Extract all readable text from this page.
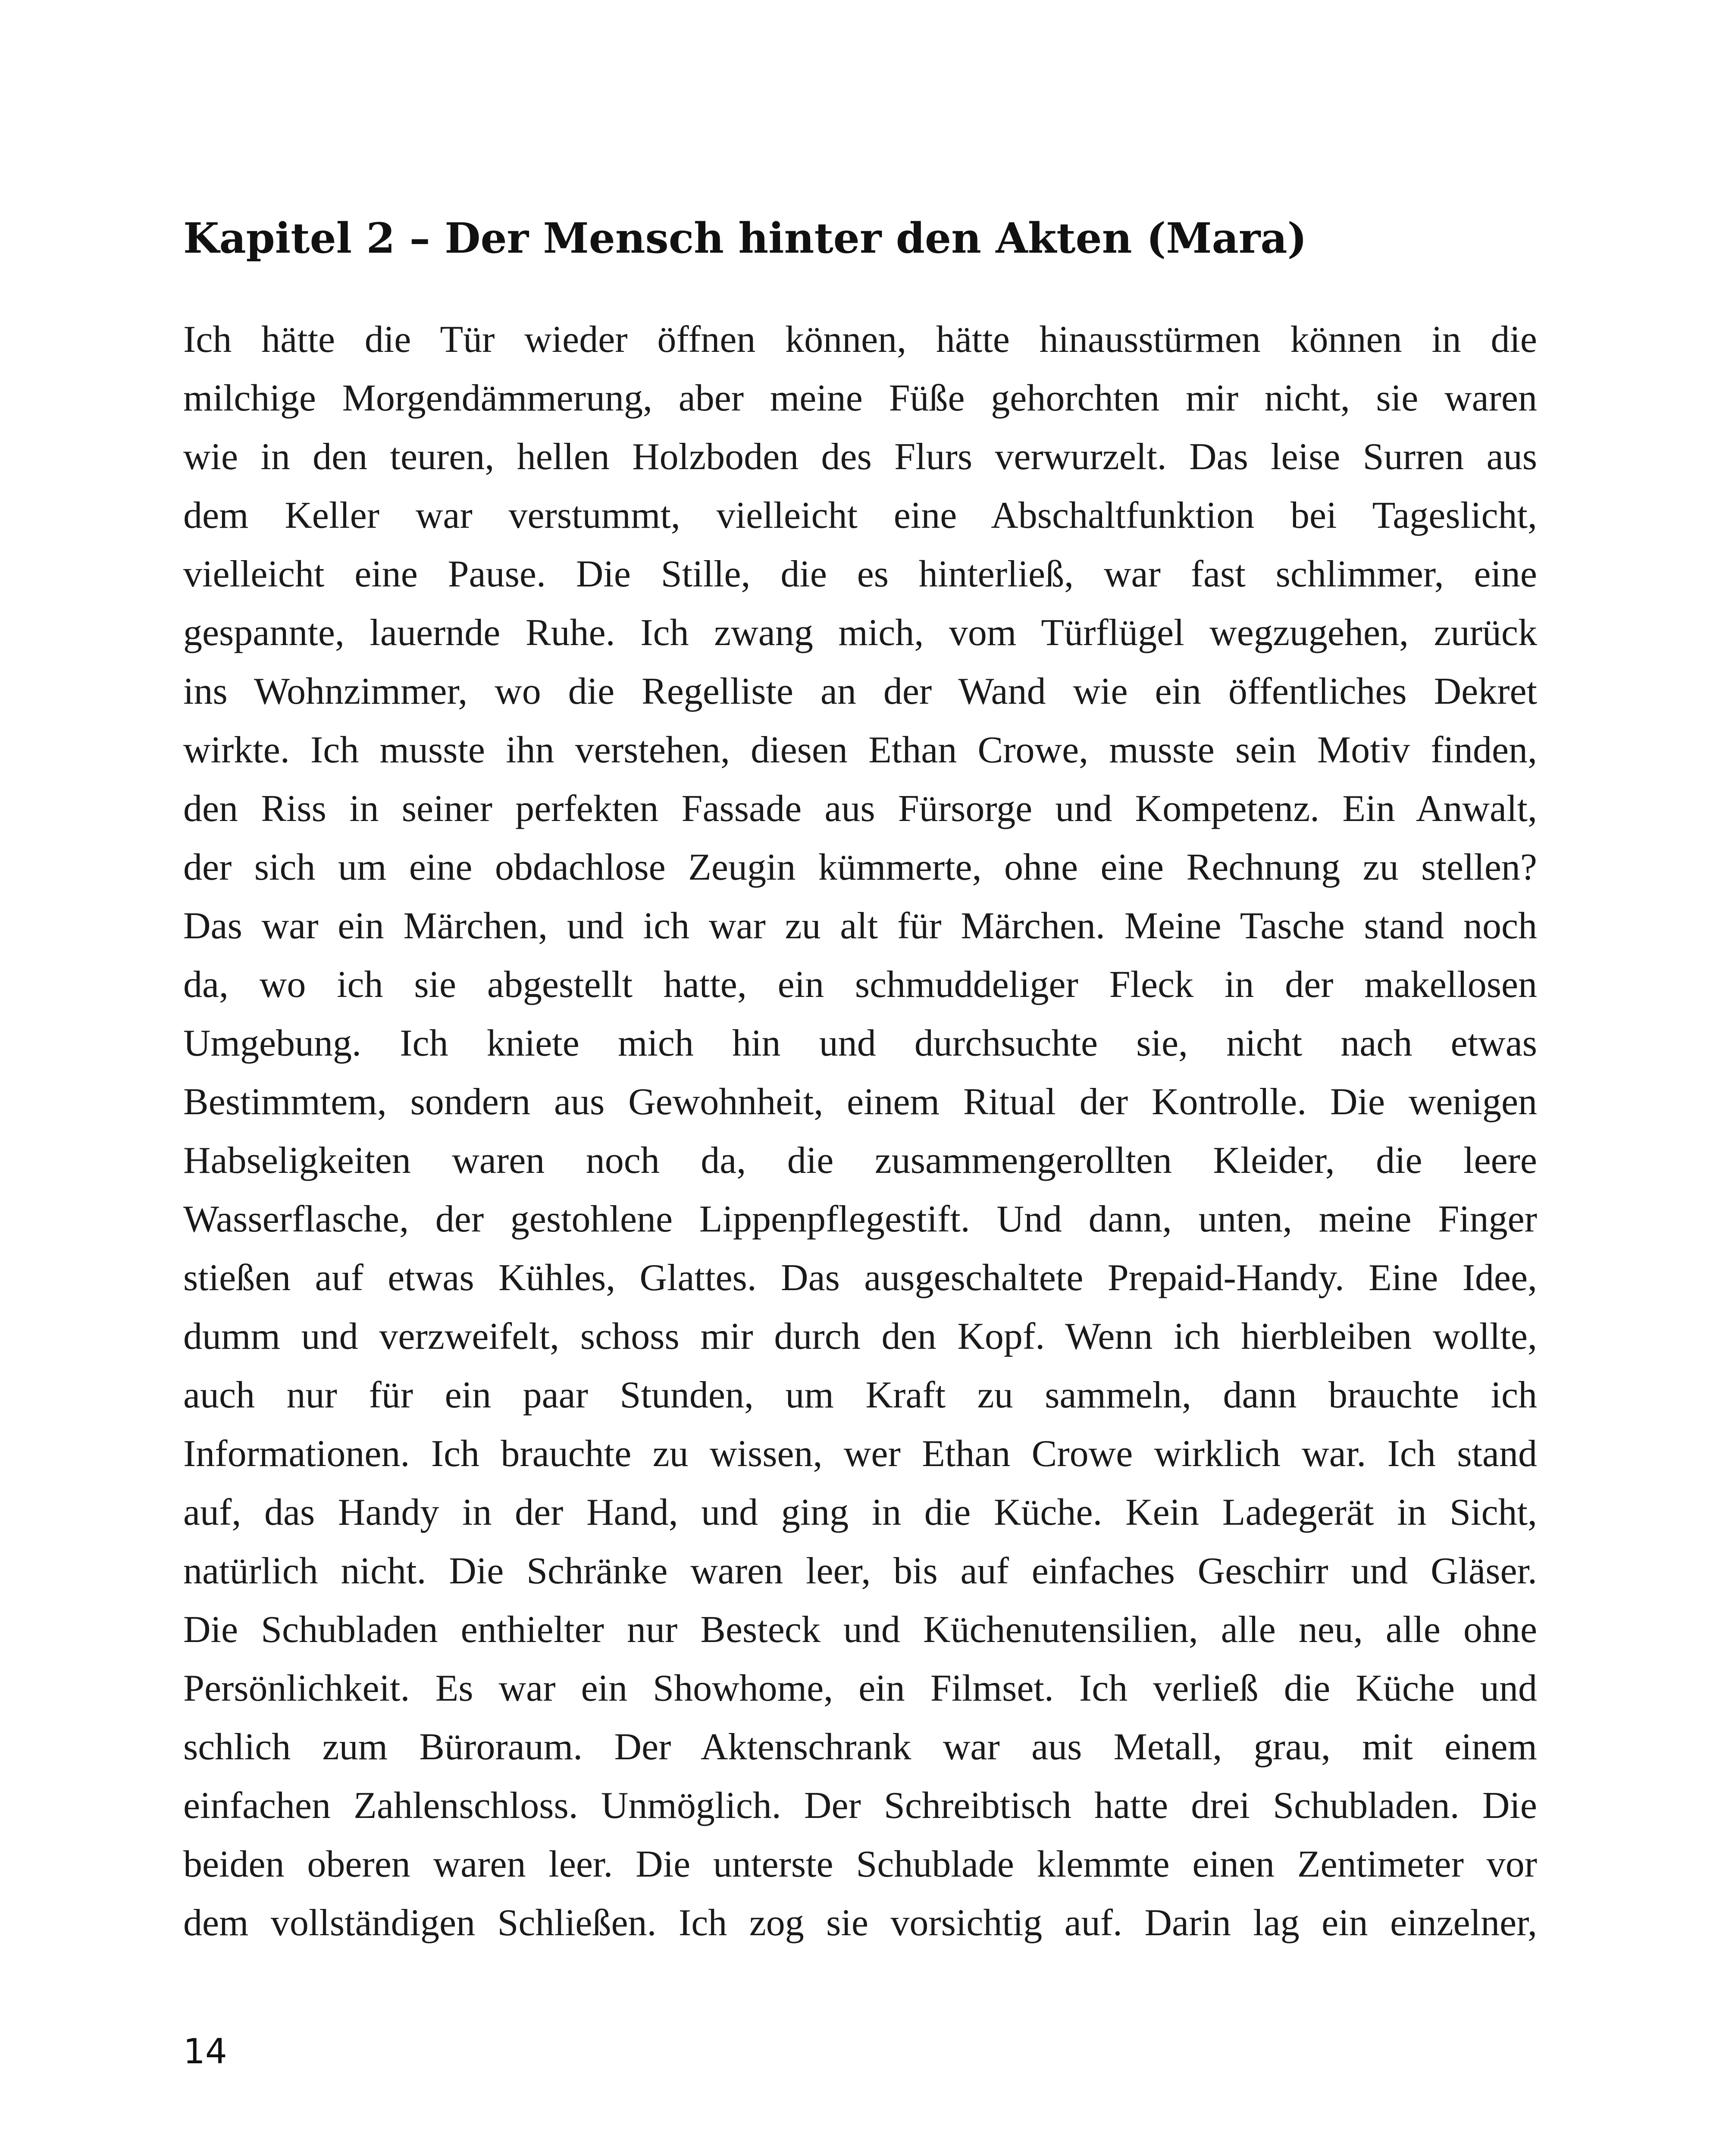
Kapitel 2 – Der Mensch hinter den Akten (Mara)
Ich hätte die Tür wieder öffnen können, hätte hinausstürmen können in die
milchige Morgendämmerung, aber meine Füße gehorchten mir nicht, sie waren
wie in den teuren, hellen Holzboden des Flurs verwurzelt. Das leise Surren aus
dem Keller war verstummt, vielleicht eine Abschaltfunktion bei Tageslicht,
vielleicht eine Pause. Die Stille, die es hinterließ, war fast schlimmer, eine
gespannte, lauernde Ruhe. Ich zwang mich, vom Türflügel wegzugehen, zurück
ins Wohnzimmer, wo die Regelliste an der Wand wie ein öffentliches Dekret
wirkte. Ich musste ihn verstehen, diesen Ethan Crowe, musste sein Motiv finden,
den Riss in seiner perfekten Fassade aus Fürsorge und Kompetenz. Ein Anwalt,
der sich um eine obdachlose Zeugin kümmerte, ohne eine Rechnung zu stellen?
Das war ein Märchen, und ich war zu alt für Märchen. Meine Tasche stand noch
da, wo ich sie abgestellt hatte, ein schmuddeliger Fleck in der makellosen
Umgebung. Ich kniete mich hin und durchsuchte sie, nicht nach etwas
Bestimmtem, sondern aus Gewohnheit, einem Ritual der Kontrolle. Die wenigen
Habseligkeiten waren noch da, die zusammengerollten Kleider, die leere
Wasserflasche, der gestohlene Lippenpflegestift. Und dann, unten, meine Finger
stießen auf etwas Kühles, Glattes. Das ausgeschaltete Prepaid-Handy. Eine Idee,
dumm und verzweifelt, schoss mir durch den Kopf. Wenn ich hierbleiben wollte,
auch nur für ein paar Stunden, um Kraft zu sammeln, dann brauchte ich
Informationen. Ich brauchte zu wissen, wer Ethan Crowe wirklich war. Ich stand
auf, das Handy in der Hand, und ging in die Küche. Kein Ladegerät in Sicht,
natürlich nicht. Die Schränke waren leer, bis auf einfaches Geschirr und Gläser.
Die Schubladen enthielter nur Besteck und Küchenutensilien, alle neu, alle ohne
Persönlichkeit. Es war ein Showhome, ein Filmset. Ich verließ die Küche und
schlich zum Büroraum. Der Aktenschrank war aus Metall, grau, mit einem
einfachen Zahlenschloss. Unmöglich. Der Schreibtisch hatte drei Schubladen. Die
beiden oberen waren leer. Die unterste Schublade klemmte einen Zentimeter vor
dem vollständigen Schließen. Ich zog sie vorsichtig auf. Darin lag ein einzelner,
14
